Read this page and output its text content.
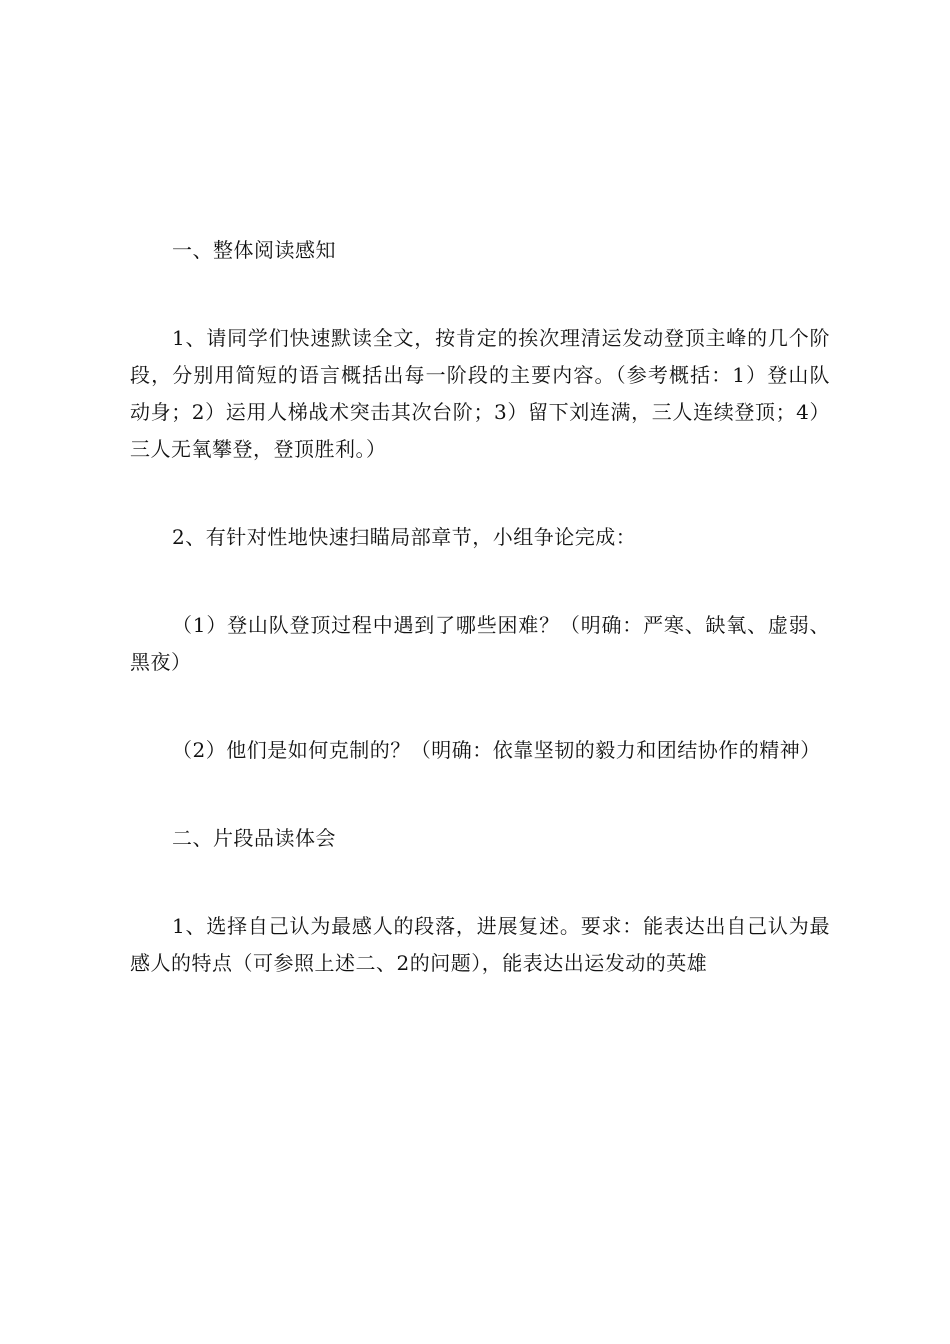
一、整体阅读感知

1、请同学们快速默读全文，按肯定的挨次理清运发动登顶主峰的几个阶段，分别用简短的语言概括出每一阶段的主要内容。（参考概括：1）登山队动身；2）运用人梯战术突击其次台阶；3）留下刘连满，三人连续登顶；4）三人无氧攀登，登顶胜利。）

2、有针对性地快速扫瞄局部章节，小组争论完成：

（1）登山队登顶过程中遇到了哪些困难？（明确：严寒、缺氧、虚弱、黑夜）

（2）他们是如何克制的？（明确：依靠坚韧的毅力和团结协作的精神）

二、片段品读体会

1、选择自己认为最感人的段落，进展复述。要求：能表达出自己认为最感人的特点（可参照上述二、2的问题），能表达出运发动的英雄
